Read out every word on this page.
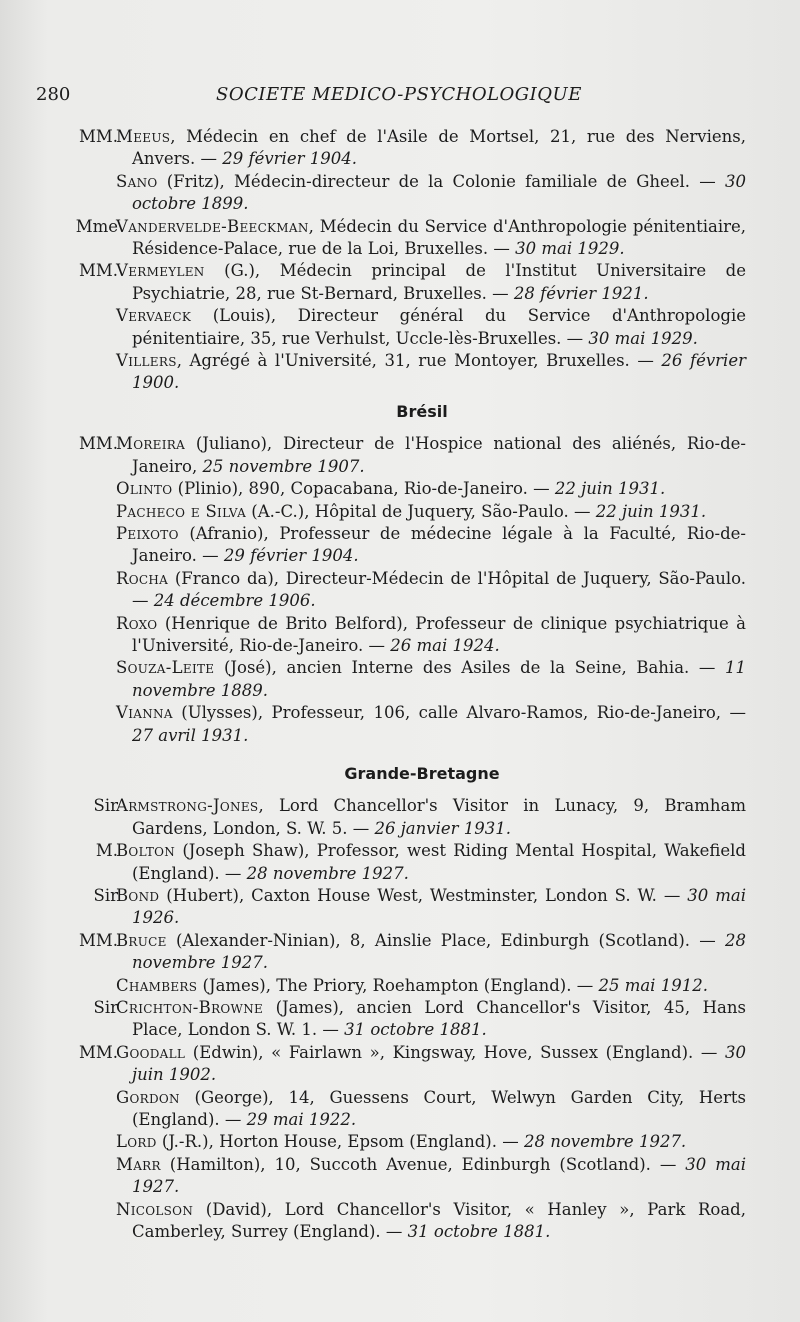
280	SOCIETE MEDICO-PSYCHOLOGIQUE

MM.
Meeus, Médecin en chef de l'Asile de Mortsel, 21, rue des Nerviens, Anvers. — 29 février 1904.

Sano (Fritz), Médecin-directeur de la Colonie familiale de Gheel. — 30 octobre 1899.

Mme
Vandervelde-Beeckman, Médecin du Service d'Anthropologie pénitentiaire, Résidence-Palace, rue de la Loi, Bruxelles. — 30 mai 1929.

MM.
Vermeylen (G.), Médecin principal de l'Institut Universitaire de Psychiatrie, 28, rue St-Bernard, Bruxelles. — 28 février 1921.

Vervaeck (Louis), Directeur général du Service d'Anthropologie pénitentiaire, 35, rue Verhulst, Uccle-lès-Bruxelles. — 30 mai 1929.

Villers, Agrégé à l'Université, 31, rue Montoyer, Bruxelles. — 26 février 1900.

Brésil

MM.
Moreira (Juliano), Directeur de l'Hospice national des aliénés, Rio-de-Janeiro, 25 novembre 1907.

Olinto (Plinio), 890, Copacabana, Rio-de-Janeiro. — 22 juin 1931.

Pacheco e Silva (A.-C.), Hôpital de Juquery, São-Paulo. — 22 juin 1931.

Peixoto (Afranio), Professeur de médecine légale à la Faculté, Rio-de-Janeiro. — 29 février 1904.

Rocha (Franco da), Directeur-Médecin de l'Hôpital de Juquery, São-Paulo. — 24 décembre 1906.

Roxo (Henrique de Brito Belford), Professeur de clinique psychiatrique à l'Université, Rio-de-Janeiro. — 26 mai 1924.

Souza-Leite (José), ancien Interne des Asiles de la Seine, Bahia. — 11 novembre 1889.

Vianna (Ulysses), Professeur, 106, calle Alvaro-Ramos, Rio-de-Janeiro, — 27 avril 1931.

Grande-Bretagne

Sir
Armstrong-Jones, Lord Chancellor's Visitor in Lunacy, 9, Bramham Gardens, London, S. W. 5. — 26 janvier 1931.

M.
Bolton (Joseph Shaw), Professor, west Riding Mental Hospital, Wakefield (England). — 28 novembre 1927.

Sir
Bond (Hubert), Caxton House West, Westminster, London S. W. — 30 mai 1926.

MM.
Bruce (Alexander-Ninian), 8, Ainslie Place, Edinburgh (Scotland). — 28 novembre 1927.

Chambers (James), The Priory, Roehampton (England). — 25 mai 1912.

Sir
Crichton-Browne (James), ancien Lord Chancellor's Visitor, 45, Hans Place, London S. W. 1. — 31 octobre 1881.

MM.
Goodall (Edwin), « Fairlawn », Kingsway, Hove, Sussex (England). — 30 juin 1902.

Gordon (George), 14, Guessens Court, Welwyn Garden City, Herts (England). — 29 mai 1922.

Lord (J.-R.), Horton House, Epsom (England). — 28 novembre 1927.

Marr (Hamilton), 10, Succoth Avenue, Edinburgh (Scotland). — 30 mai 1927.

Nicolson (David), Lord Chancellor's Visitor, « Hanley », Park Road, Camberley, Surrey (England). — 31 octobre 1881.
